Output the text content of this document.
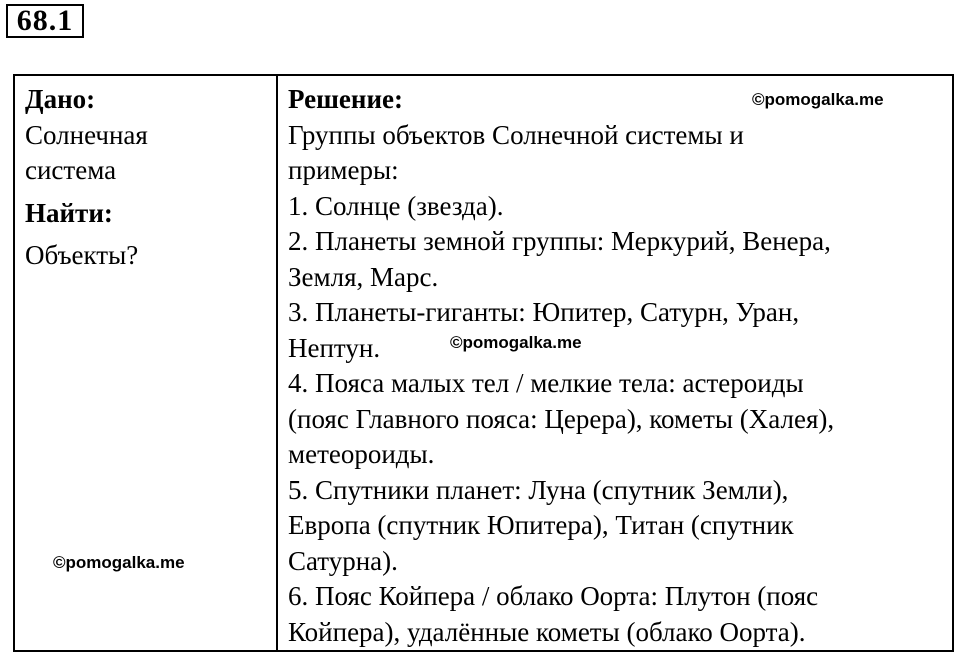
68.1
Дано:
Солнечная
система
Найти:
Объекты?
Решение:
Группы объектов Солнечной системы и
примеры:
1. Солнце (звезда).
2. Планеты земной группы: Меркурий, Венера,
Земля, Марс.
3. Планеты-гиганты: Юпитер, Сатурн, Уран,
Нептун.
4. Пояса малых тел / мелкие тела: астероиды
(пояс Главного пояса: Церера), кометы (Халея),
метеороиды.
5. Спутники планет: Луна (спутник Земли),
Европа (спутник Юпитера), Титан (спутник
Сатурна).
6. Пояс Койпера / облако Оорта: Плутон (пояс
Койпера), удалённые кометы (облако Оорта).
©pomogalka.me
©pomogalka.me
©pomogalka.me
